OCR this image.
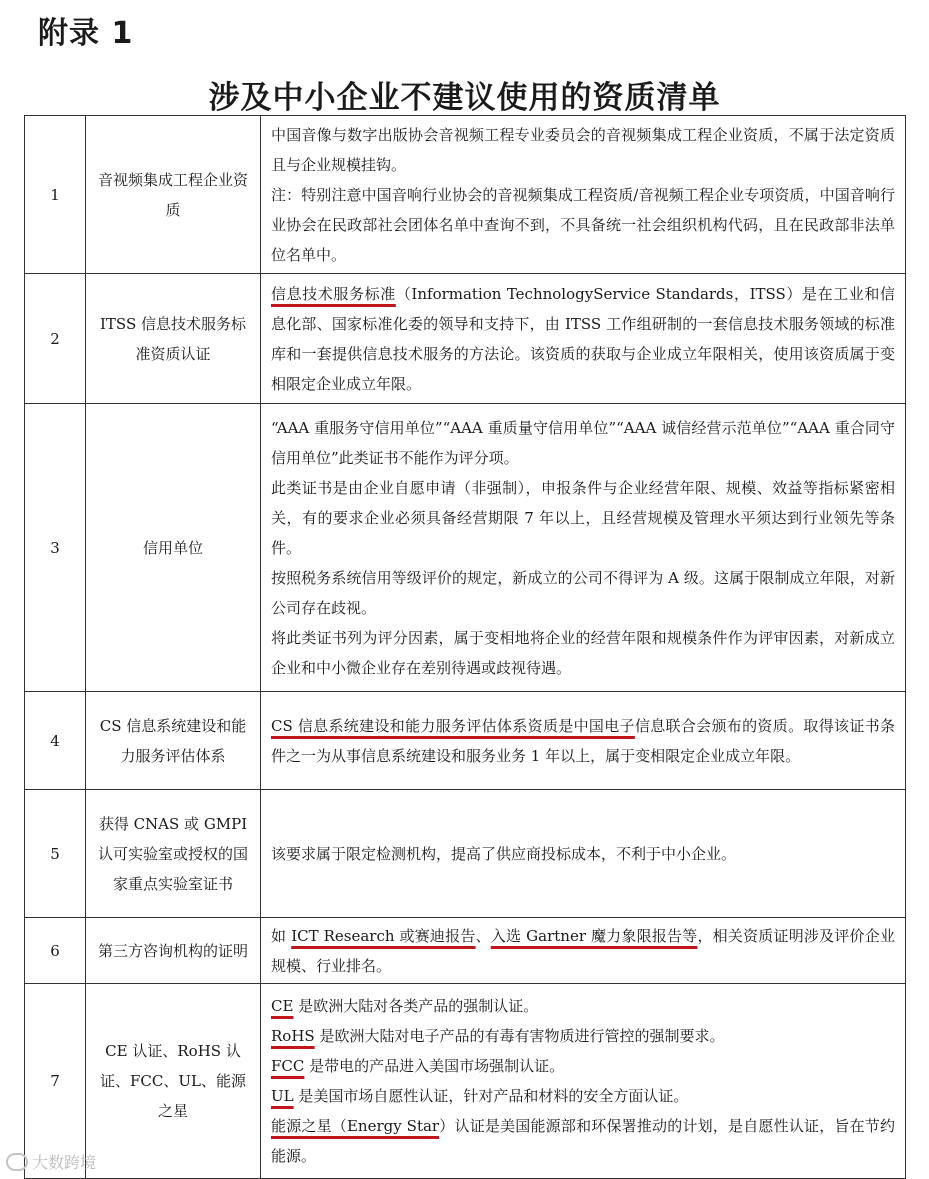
附录 1
涉及中小企业不建议使用的资质清单
1	音视频集成工程企业资质	中国音像与数字出版协会音视频工程专业委员会的音视频集成工程企业资质，不属于法定资质且与企业规模挂钩。
注：特别注意中国音响行业协会的音视频集成工程资质/音视频工程企业专项资质，中国音响行业协会在民政部社会团体名单中查询不到，不具备统一社会组织机构代码，且在民政部非法单位名单中。

2	ITSS 信息技术服务标准资质认证	信息技术服务标准（Information TechnologyService Standards，ITSS）是在工业和信息化部、国家标准化委的领导和支持下，由 ITSS 工作组研制的一套信息技术服务领域的标准库和一套提供信息技术服务的方法论。该资质的获取与企业成立年限相关，使用该资质属于变相限定企业成立年限。

3	信用单位	“AAA 重服务守信用单位”“AAA 重质量守信用单位”“AAA 诚信经营示范单位”“AAA 重合同守信用单位”此类证书不能作为评分项。
此类证书是由企业自愿申请（非强制），申报条件与企业经营年限、规模、效益等指标紧密相关，有的要求企业必须具备经营期限 7 年以上，且经营规模及管理水平须达到行业领先等条件。
按照税务系统信用等级评价的规定，新成立的公司不得评为 A 级。这属于限制成立年限，对新公司存在歧视。
将此类证书列为评分因素，属于变相地将企业的经营年限和规模条件作为评审因素，对新成立企业和中小微企业存在差别待遇或歧视待遇。

4	CS 信息系统建设和能力服务评估体系	CS 信息系统建设和能力服务评估体系资质是中国电子信息联合会颁布的资质。取得该证书条件之一为从事信息系统建设和服务业务 1 年以上，属于变相限定企业成立年限。

5	获得 CNAS 或 GMPI 认可实验室或授权的国家重点实验室证书	该要求属于限定检测机构，提高了供应商投标成本，不利于中小企业。

6	第三方咨询机构的证明	如 ICT Research 或赛迪报告、入选 Gartner 魔力象限报告等，相关资质证明涉及评价企业规模、行业排名。

7	CE 认证、RoHS 认证、FCC、UL、能源之星	CE 是欧洲大陆对各类产品的强制认证。
RoHS 是欧洲大陆对电子产品的有毒有害物质进行管控的强制要求。
FCC 是带电的产品进入美国市场强制认证。
UL 是美国市场自愿性认证，针对产品和材料的安全方面认证。
能源之星（Energy Star）认证是美国能源部和环保署推动的计划，是自愿性认证，旨在节约能源。
大数跨境
